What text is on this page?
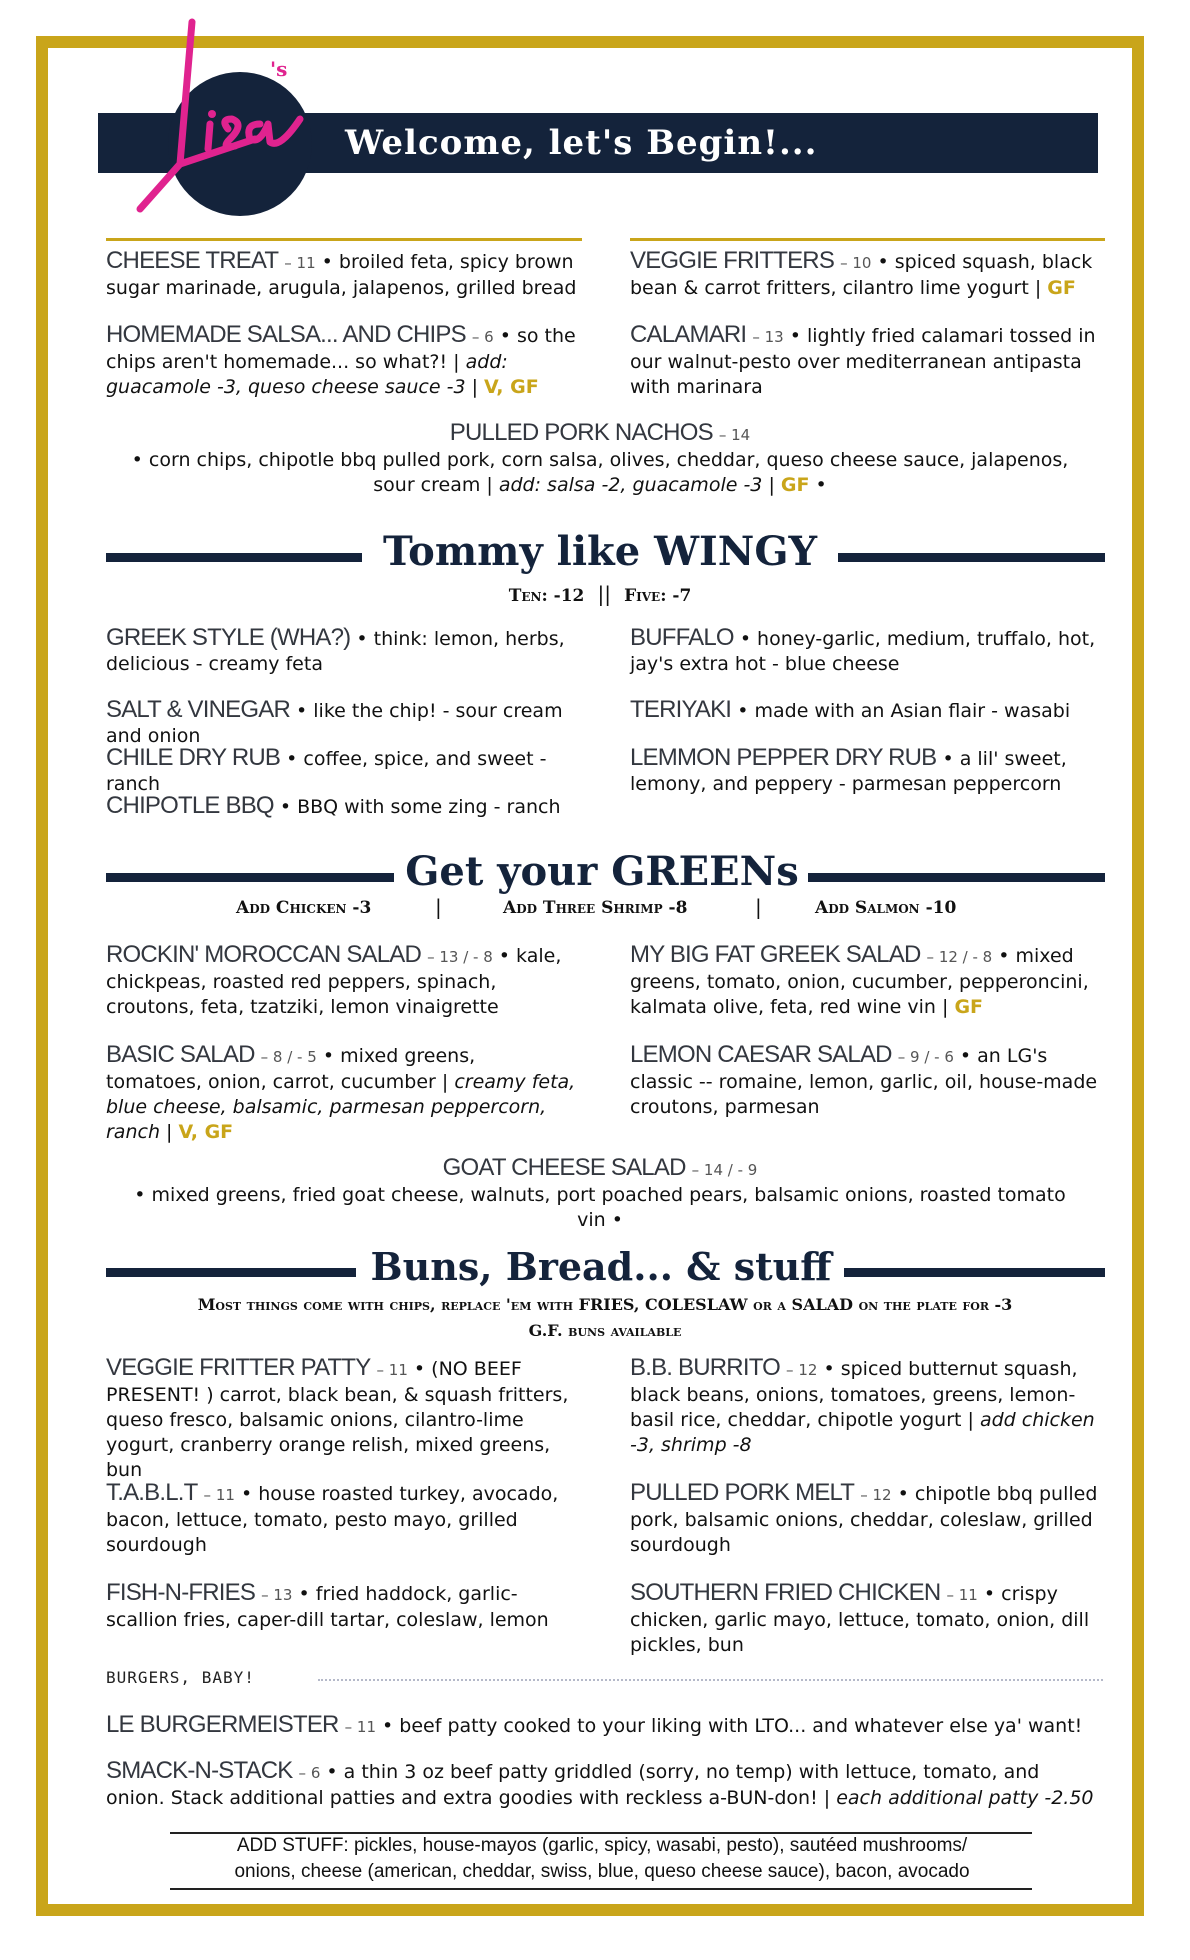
Welcome, let's Begin!...
's
CHEESE TREAT – 11 • broiled feta, spicy brown sugar marinade, arugula, jalapenos, grilled bread
HOMEMADE SALSA... AND CHIPS – 6 • so the chips aren't homemade... so what?! | add: guacamole -3, queso cheese sauce -3 | V, GF
VEGGIE FRITTERS – 10 • spiced squash, black bean & carrot fritters, cilantro lime yogurt | GF
CALAMARI – 13 • lightly fried calamari tossed in our walnut-pesto over mediterranean antipasta with marinara
PULLED PORK NACHOS – 14
• corn chips, chipotle bbq pulled pork, corn salsa, olives, cheddar, queso cheese sauce, jalapenos, sour cream | add: salsa -2, guacamole -3 | GF •
Tommy like WINGY
Ten: -12 || Five: -7
GREEK STYLE (WHA?) • think: lemon, herbs, delicious - creamy feta
BUFFALO • honey-garlic, medium, truffalo, hot, jay's extra hot - blue cheese
SALT & VINEGAR • like the chip! - sour cream and onion
TERIYAKI • made with an Asian flair - wasabi
CHILE DRY RUB • coffee, spice, and sweet - ranch
LEMMON PEPPER DRY RUB • a lil' sweet, lemony, and peppery - parmesan peppercorn
CHIPOTLE BBQ • BBQ with some zing - ranch
Get your GREENs
Add Chicken -3	|	Add Three Shrimp -8	|	Add Salmon -10
ROCKIN' MOROCCAN SALAD – 13 / - 8 • kale, chickpeas, roasted red peppers, spinach, croutons, feta, tzatziki, lemon vinaigrette
MY BIG FAT GREEK SALAD – 12 / - 8 • mixed greens, tomato, onion, cucumber, pepperoncini, kalmata olive, feta, red wine vin | GF
BASIC SALAD – 8 / - 5 • mixed greens, tomatoes, onion, carrot, cucumber | creamy feta, blue cheese, balsamic, parmesan peppercorn, ranch | V, GF
LEMON CAESAR SALAD – 9 / - 6 • an LG's classic -- romaine, lemon, garlic, oil, house-made croutons, parmesan
GOAT CHEESE SALAD – 14 / - 9
• mixed greens, fried goat cheese, walnuts, port poached pears, balsamic onions, roasted tomato vin •
Buns, Bread... & stuff
Most things come with chips, replace 'em with FRIES, COLESLAW or a SALAD on the plate for -3
G.F. buns available
VEGGIE FRITTER PATTY – 11 • (NO BEEF PRESENT! ) carrot, black bean, & squash fritters, queso fresco, balsamic onions, cilantro-lime yogurt, cranberry orange relish, mixed greens, bun
B.B. BURRITO – 12 • spiced butternut squash, black beans, onions, tomatoes, greens, lemon-basil rice, cheddar, chipotle yogurt | add chicken -3, shrimp -8
T.A.B.L.T – 11 • house roasted turkey, avocado, bacon, lettuce, tomato, pesto mayo, grilled sourdough
PULLED PORK MELT – 12 • chipotle bbq pulled pork, balsamic onions, cheddar, coleslaw, grilled sourdough
FISH-N-FRIES – 13 • fried haddock, garlic-scallion fries, caper-dill tartar, coleslaw, lemon
SOUTHERN FRIED CHICKEN – 11 • crispy chicken, garlic mayo, lettuce, tomato, onion, dill pickles, bun
BURGERS, BABY!
LE BURGERMEISTER – 11 • beef patty cooked to your liking with LTO... and whatever else ya' want!
SMACK-N-STACK – 6 • a thin 3 oz beef patty griddled (sorry, no temp) with lettuce, tomato, and onion. Stack additional patties and extra goodies with reckless a-BUN-don! | each additional patty -2.50
ADD STUFF: pickles, house-mayos (garlic, spicy, wasabi, pesto), sautéed mushrooms/
onions, cheese (american, cheddar, swiss, blue, queso cheese sauce), bacon, avocado
